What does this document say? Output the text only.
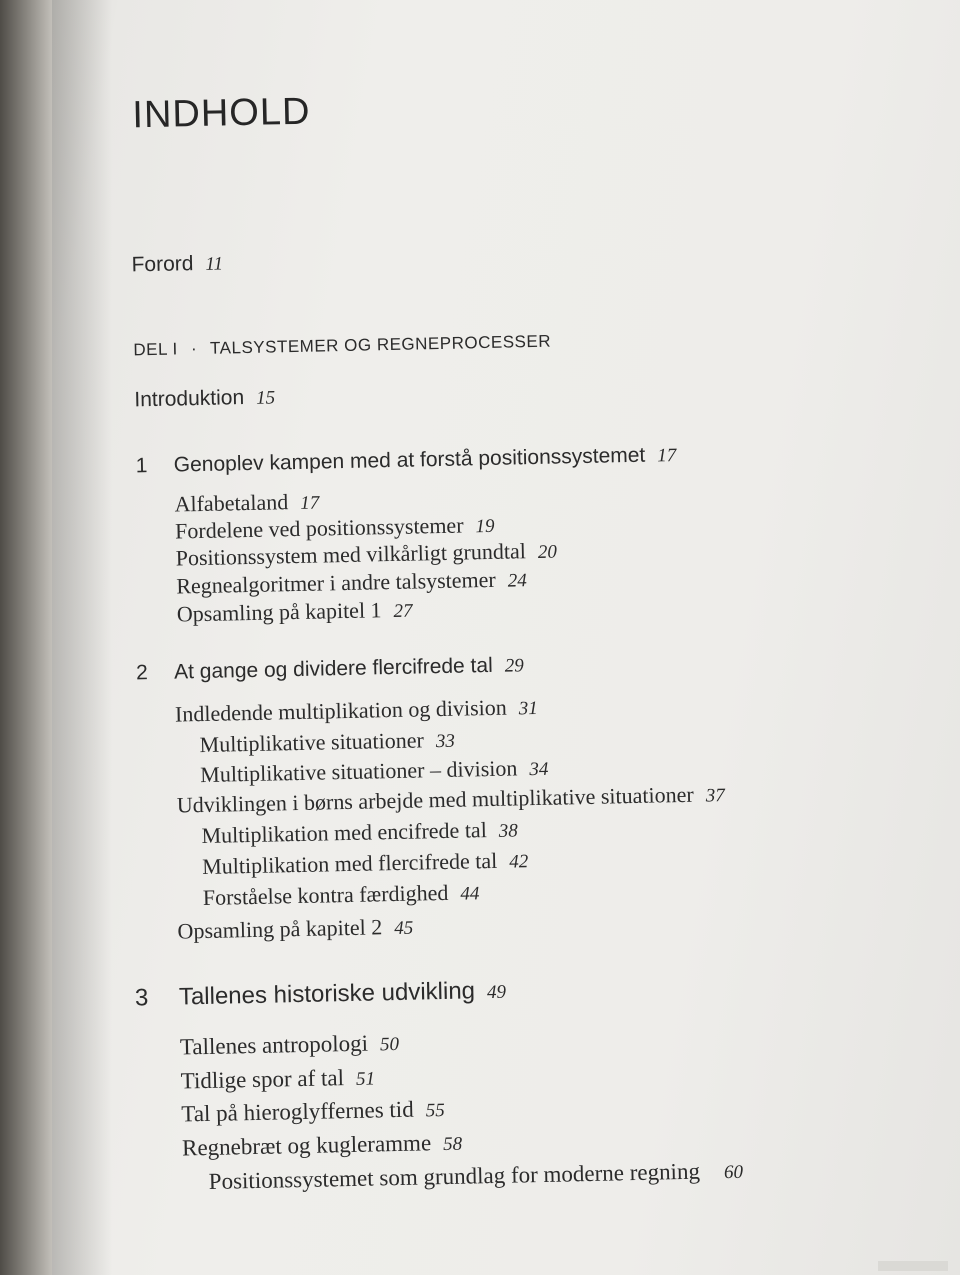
INDHOLD
Forord 11
DEL I · TALSYSTEMER OG REGNEPROCESSER
Introduktion 15
1 Genoplev kampen med at forstå positionssystemet 17
Alfabetaland 17
Fordelene ved positionssystemer 19
Positionssystem med vilkårligt grundtal 20
Regnealgoritmer i andre talsystemer 24
Opsamling på kapitel 1 27
2 At gange og dividere flercifrede tal 29
Indledende multiplikation og division 31
Multiplikative situationer 33
Multiplikative situationer – division 34
Udviklingen i børns arbejde med multiplikative situationer 37
Multiplikation med encifrede tal 38
Multiplikation med flercifrede tal 42
Forståelse kontra færdighed 44
Opsamling på kapitel 2 45
3 Tallenes historiske udvikling 49
Tallenes antropologi 50
Tidlige spor af tal 51
Tal på hieroglyffernes tid 55
Regnebræt og kugleramme 58
Positionssystemet som grundlag for moderne regning 60
